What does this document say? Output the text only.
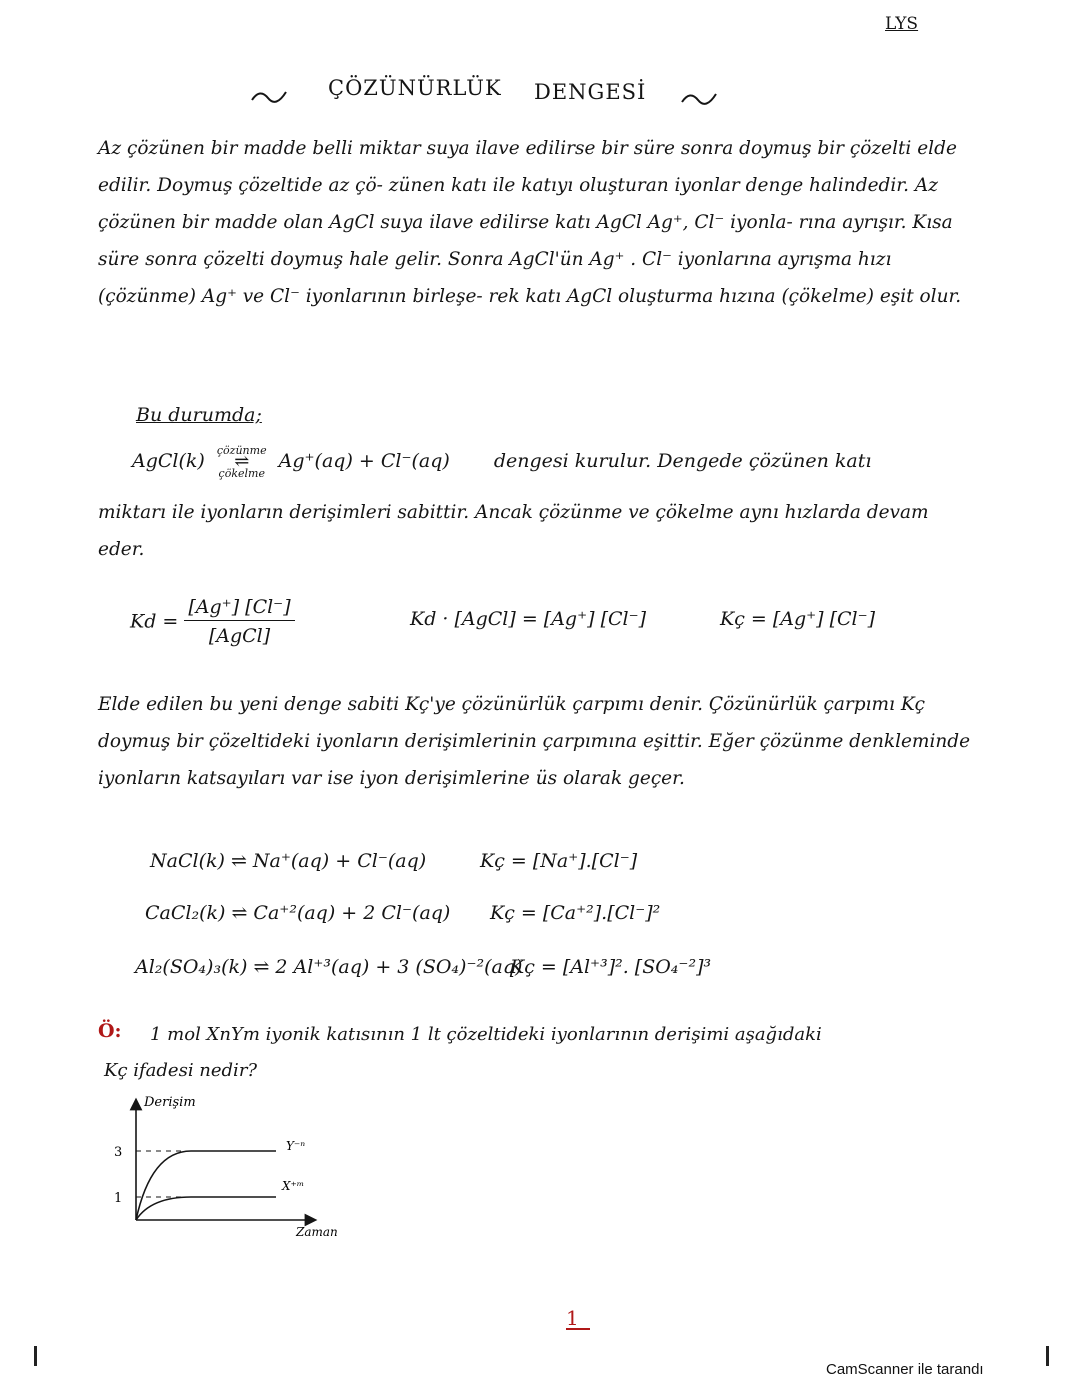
LYS
ÇÖZÜNÜRLÜK DENGESİ
Az çözünen bir madde belli miktar suya ilave edilirse bir süre sonra doymuş bir çözelti elde edilir. Doymuş çözeltide az çö- zünen katı ile katıyı oluşturan iyonlar denge halindedir. Az çözünen bir madde olan AgCl suya ilave edilirse katı AgCl Ag⁺, Cl⁻ iyonla- rına ayrışır. Kısa süre sonra çözelti doymuş hale gelir. Sonra AgCl'ün Ag⁺ . Cl⁻ iyonlarına ayrışma hızı (çözünme) Ag⁺ ve Cl⁻ iyonlarının birleşe- rek katı AgCl oluşturma hızına (çökelme) eşit olur.
Bu durumda;
AgCl(k) çözünme
⇌
çökelme Ag⁺(aq) + Cl⁻(aq) dengesi kurulur. Dengede çözünen katı
miktarı ile iyonların derişimleri sabittir. Ancak çözünme ve çökelme aynı hızlarda devam eder.
$Kd = \frac{[Ag^+] [Cl^-]}{\text{[AgCl]}}$	Kd · [AgCl] = [Ag⁺] [Cl⁻]	Kç = [Ag⁺] [Cl⁻]
Elde edilen bu yeni denge sabiti Kç'ye çözünürlük çarpımı denir. Çözünürlük çarpımı Kç doymuş bir çözeltideki iyonların derişimlerinin çarpımına eşittir. Eğer çözünme denkleminde iyonların katsayıları var ise iyon derişimlerine üs olarak geçer.
NaCl(k) ⇌ Na⁺(aq) + Cl⁻(aq)	Kç = [Na⁺].[Cl⁻]
CaCl₂(k) ⇌ Ca⁺²(aq) + 2 Cl⁻(aq) Kç = [Ca⁺²].[Cl⁻]²
Al₂(SO₄)₃(k) ⇌ 2 Al⁺³(aq) + 3 (SO₄)⁻²(aq)
Kç = [Al⁺³]². [SO₄⁻²]³
Ö: 1 mol XnYm iyonik katısının 1 lt çözeltideki iyonlarının derişimi aşağıdaki
Kç ifadesi nedir?
Derişim
Zaman
3
1
Y⁻ⁿ
X⁺ᵐ
1
CamScanner ile tarandı
